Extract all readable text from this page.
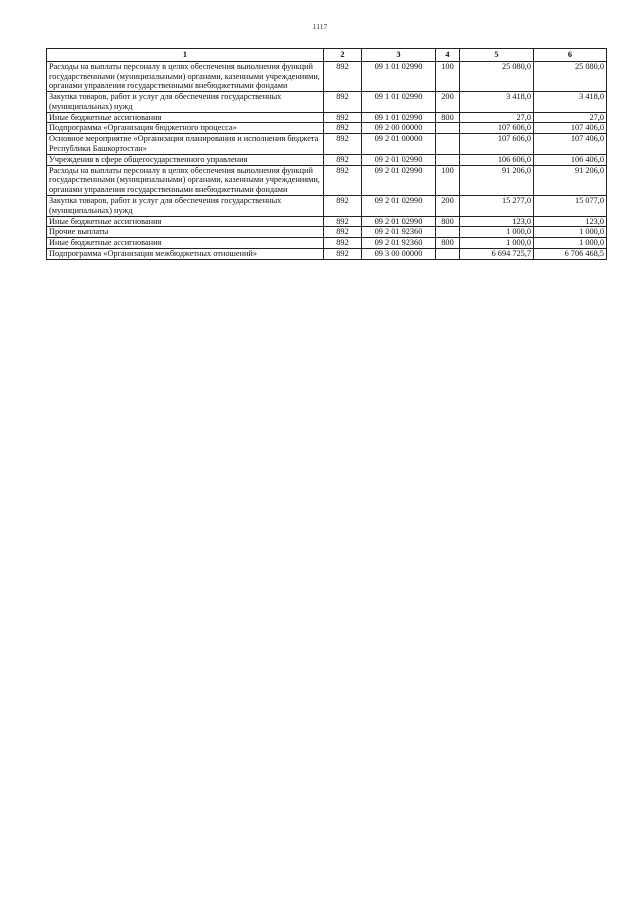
1117
1	2	3	4	5	6
Расходы на выплаты персоналу в целях обеспечения выполнения функций государственными (муниципальными) органами, казенными учреждениями, органами управления государственными внебюджетными фондами	892	09 1 01 02990	100	25 080,0	25 080,0
Закупка товаров, работ и услуг для обеспечения государственных (муниципальных) нужд	892	09 1 01 02990	200	3 418,0	3 418,0
Иные бюджетные ассигнования	892	09 1 01 02990	800	27,0	27,0
Подпрограмма «Организация бюджетного процесса»	892	09 2 00 00000		107 606,0	107 406,0
Основное мероприятие «Организация планирования и исполнения бюджета Республики Башкортостан»	892	09 2 01 00000		107 606,0	107 406,0
Учреждения в сфере общегосударственного управления	892	09 2 01 02990		106 606,0	106 406,0
Расходы на выплаты персоналу в целях обеспечения выполнения функций государственными (муниципальными) органами, казенными учреждениями, органами управления государственными внебюджетными фондами	892	09 2 01 02990	100	91 206,0	91 206,0
Закупка товаров, работ и услуг для обеспечения государственных (муниципальных) нужд	892	09 2 01 02990	200	15 277,0	15 077,0
Иные бюджетные ассигнования	892	09 2 01 02990	800	123,0	123,0
Прочие выплаты	892	09 2 01 92360		1 000,0	1 000,0
Иные бюджетные ассигнования	892	09 2 01 92360	800	1 000,0	1 000,0
Подпрограмма «Организация межбюджетных отношений»	892	09 3 00 00000		6 694 725,7	6 706 468,5
